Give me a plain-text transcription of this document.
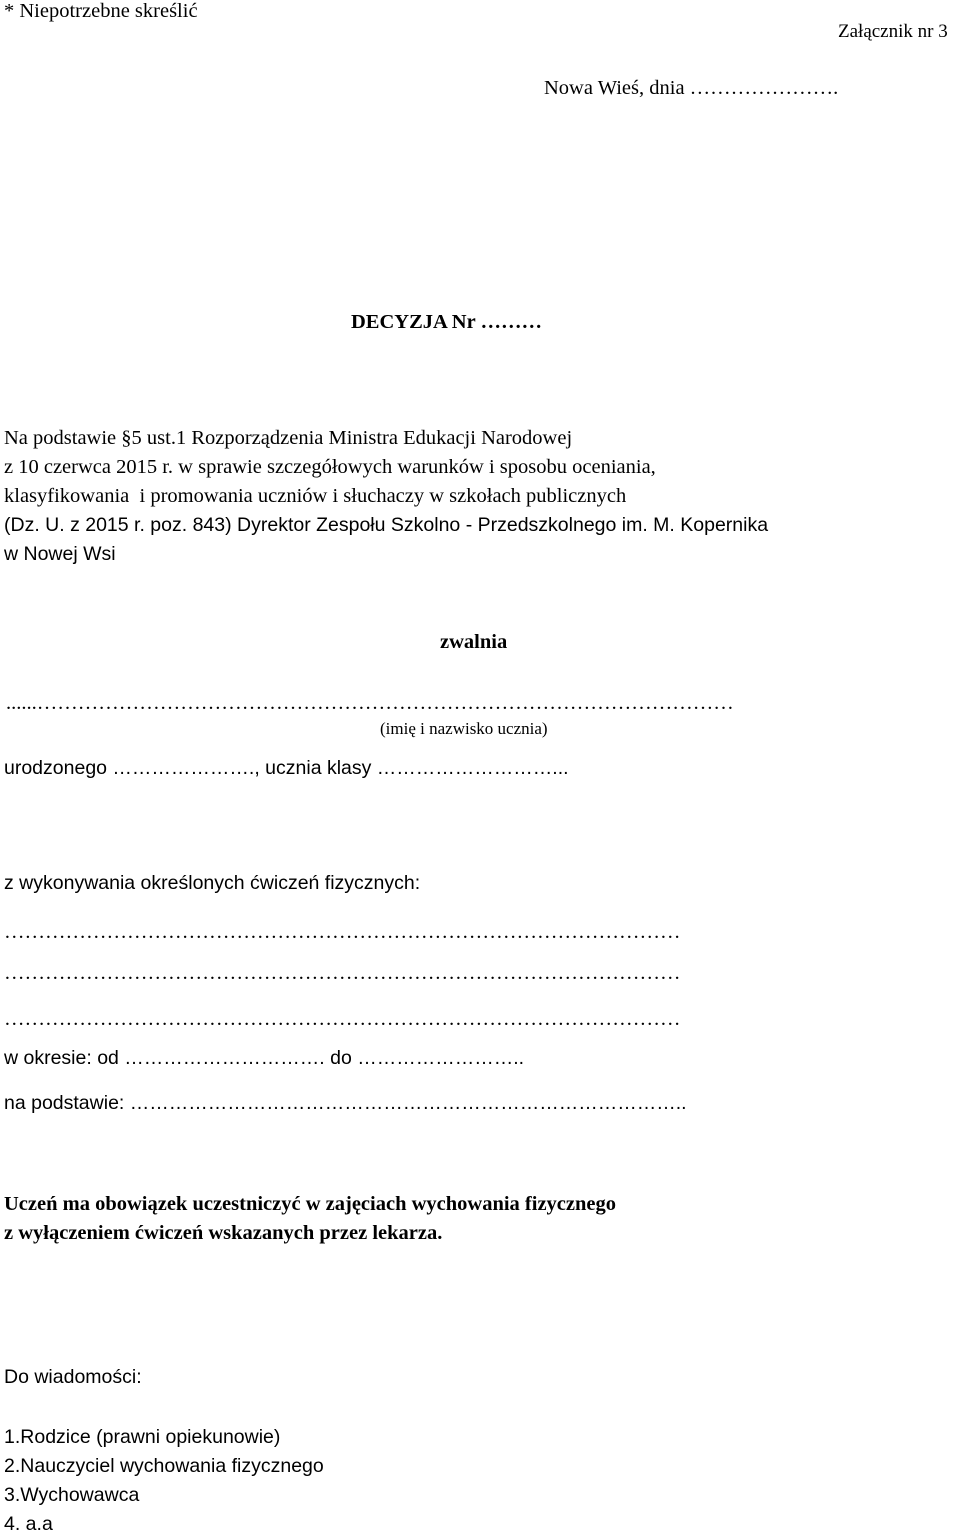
* Niepotrzebne skreślić
Załącznik nr 3
Nowa Wieś, dnia ………………….
DECYZJA Nr ………
Na podstawie §5 ust.1 Rozporządzenia Ministra Edukacji Narodowej
z 10 czerwca 2015 r. w sprawie szczegółowych warunków i sposobu oceniania,
klasyfikowania  i promowania uczniów i słuchaczy w szkołach publicznych
(Dz. U. z 2015 r. poz. 843) Dyrektor Zespołu Szkolno - Przedszkolnego im. M. Kopernika
w Nowej Wsi
zwalnia
......…………………………………………………………………………………………
(imię i nazwisko ucznia)
urodzonego …………………., ucznia klasy ………………………...
z wykonywania określonych ćwiczeń fizycznych:
………………………………………………………………………………………
………………………………………………………………………………………
………………………………………………………………………………………
w okresie: od …………………………. do ……………………..
na podstawie: …………………………………………………………………………..
Uczeń ma obowiązek uczestniczyć w zajęciach wychowania fizycznego
z wyłączeniem ćwiczeń wskazanych przez lekarza.
Do wiadomości:
1.Rodzice (prawni opiekunowie)
2.Nauczyciel wychowania fizycznego
3.Wychowawca
4. a.a
